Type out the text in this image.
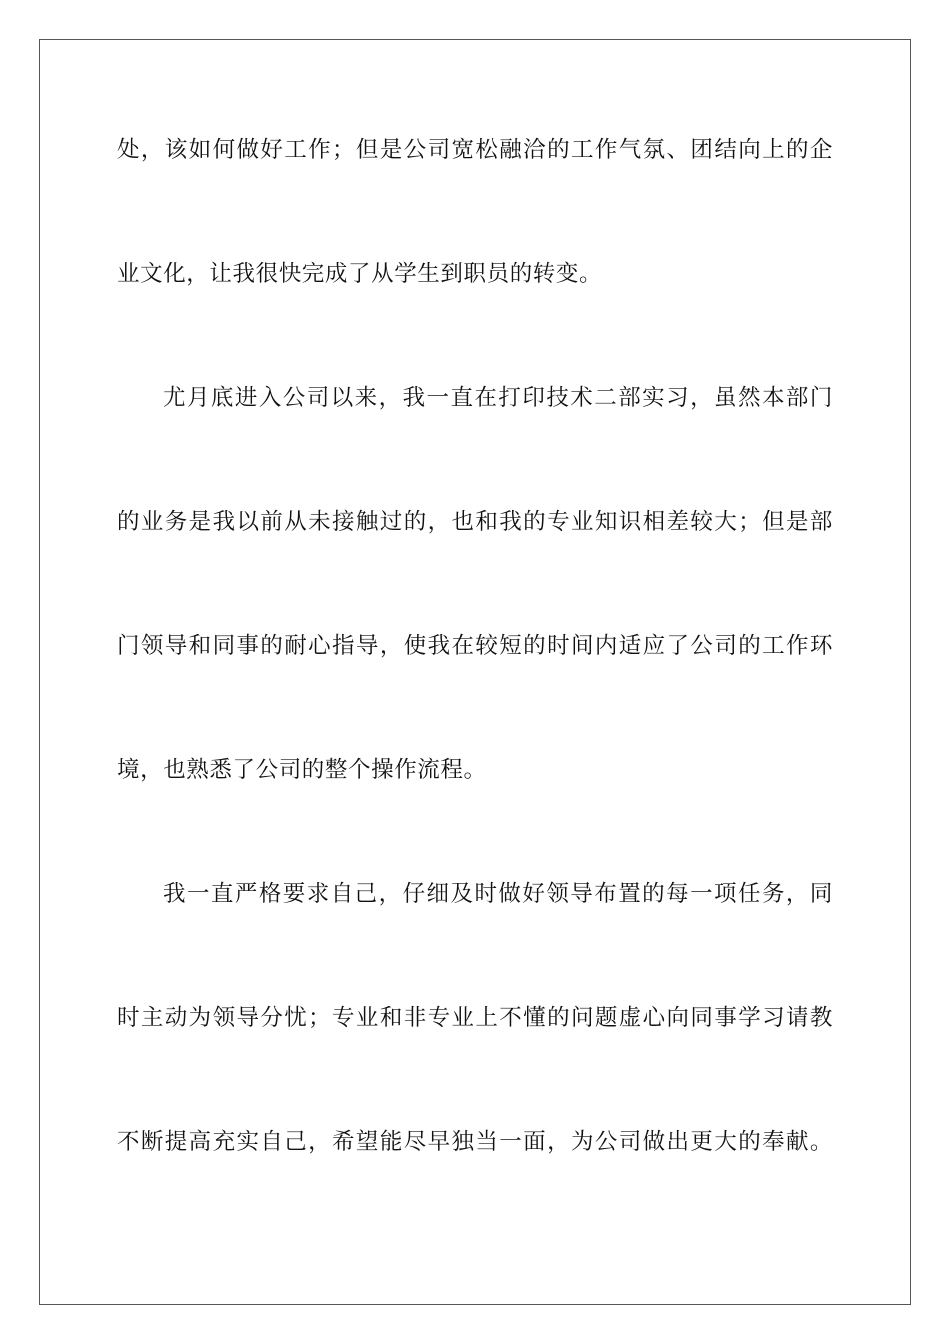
处，该如何做好工作；但是公司宽松融洽的工作气氛、团结向上的企
业文化，让我很快完成了从学生到职员的转变。
尤月底进入公司以来，我一直在打印技术二部实习，虽然本部门
的业务是我以前从未接触过的，也和我的专业知识相差较大；但是部
门领导和同事的耐心指导，使我在较短的时间内适应了公司的工作环
境，也熟悉了公司的整个操作流程。
我一直严格要求自己，仔细及时做好领导布置的每一项任务，同
时主动为领导分忧；专业和非专业上不懂的问题虚心向同事学习请教
不断提高充实自己，希望能尽早独当一面，为公司做出更大的奉献。
